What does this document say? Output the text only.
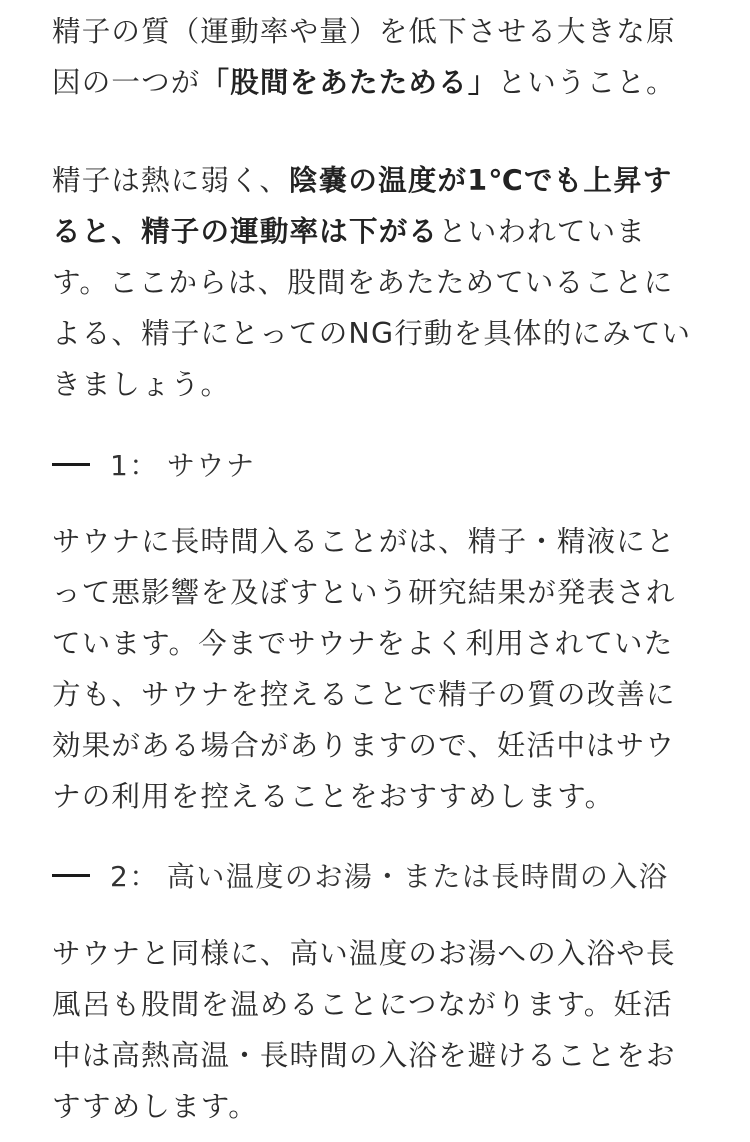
精子の質（運動率や量）を低下させる大きな原因の一つが「股間をあたためる」ということ。

精子は熱に弱く、陰嚢の温度が1℃でも上昇すると、精子の運動率は下がるといわれています。ここからは、股間をあたためていることによる、精子にとってのNG行動を具体的にみていきましょう。

1： サウナ

サウナに長時間入ることがは、精子・精液にとって悪影響を及ぼすという研究結果が発表されています。今までサウナをよく利用されていた方も、サウナを控えることで精子の質の改善に効果がある場合がありますので、妊活中はサウナの利用を控えることをおすすめします。

2： 高い温度のお湯・または長時間の入浴

サウナと同様に、高い温度のお湯への入浴や長風呂も股間を温めることにつながります。妊活中は高熱高温・長時間の入浴を避けることをおすすめします。
